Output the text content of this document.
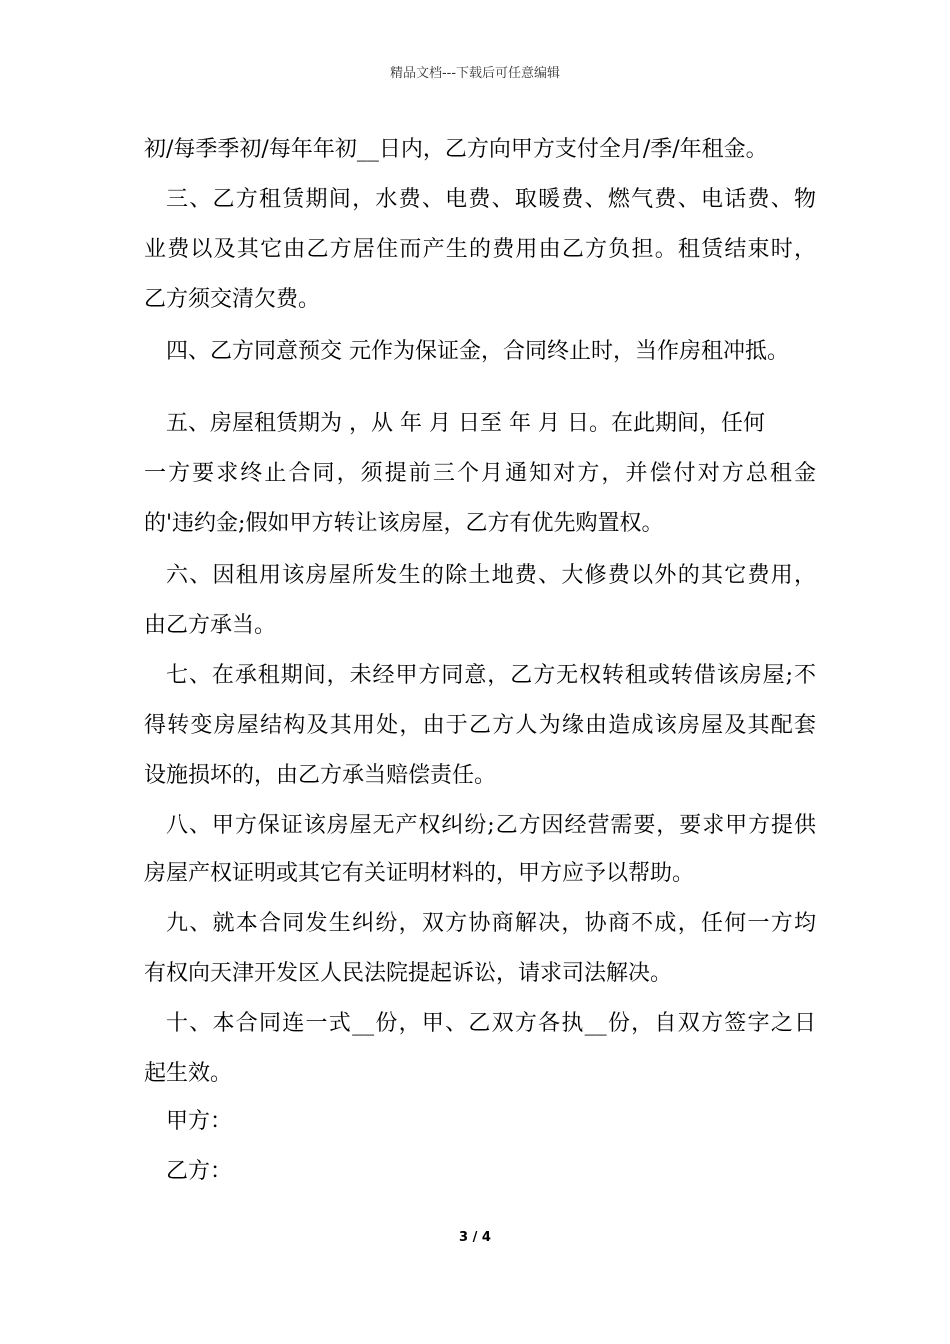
精品文档---下载后可任意编辑
初/每季季初/每年年初__日内，乙方向甲方支付全月/季/年租金。
三、乙方租赁期间，水费、电费、取暖费、燃气费、电话费、物
业费以及其它由乙方居住而产生的费用由乙方负担。租赁结束时，
乙方须交清欠费。
四、乙方同意预交 元作为保证金，合同终止时，当作房租冲抵。
五、房屋租赁期为 ，从 年 月 日至 年 月 日。在此期间，任何
一方要求终止合同，须提前三个月通知对方，并偿付对方总租金
的'违约金;假如甲方转让该房屋，乙方有优先购置权。
六、因租用该房屋所发生的除土地费、大修费以外的其它费用，
由乙方承当。
七、在承租期间，未经甲方同意，乙方无权转租或转借该房屋;不
得转变房屋结构及其用处，由于乙方人为缘由造成该房屋及其配套
设施损坏的，由乙方承当赔偿责任。
八、甲方保证该房屋无产权纠纷;乙方因经营需要，要求甲方提供
房屋产权证明或其它有关证明材料的，甲方应予以帮助。
九、就本合同发生纠纷，双方协商解决，协商不成，任何一方均
有权向天津开发区人民法院提起诉讼，请求司法解决。
十、本合同连一式__份，甲、乙双方各执__份，自双方签字之日
起生效。
甲方：
乙方：
3 / 4
